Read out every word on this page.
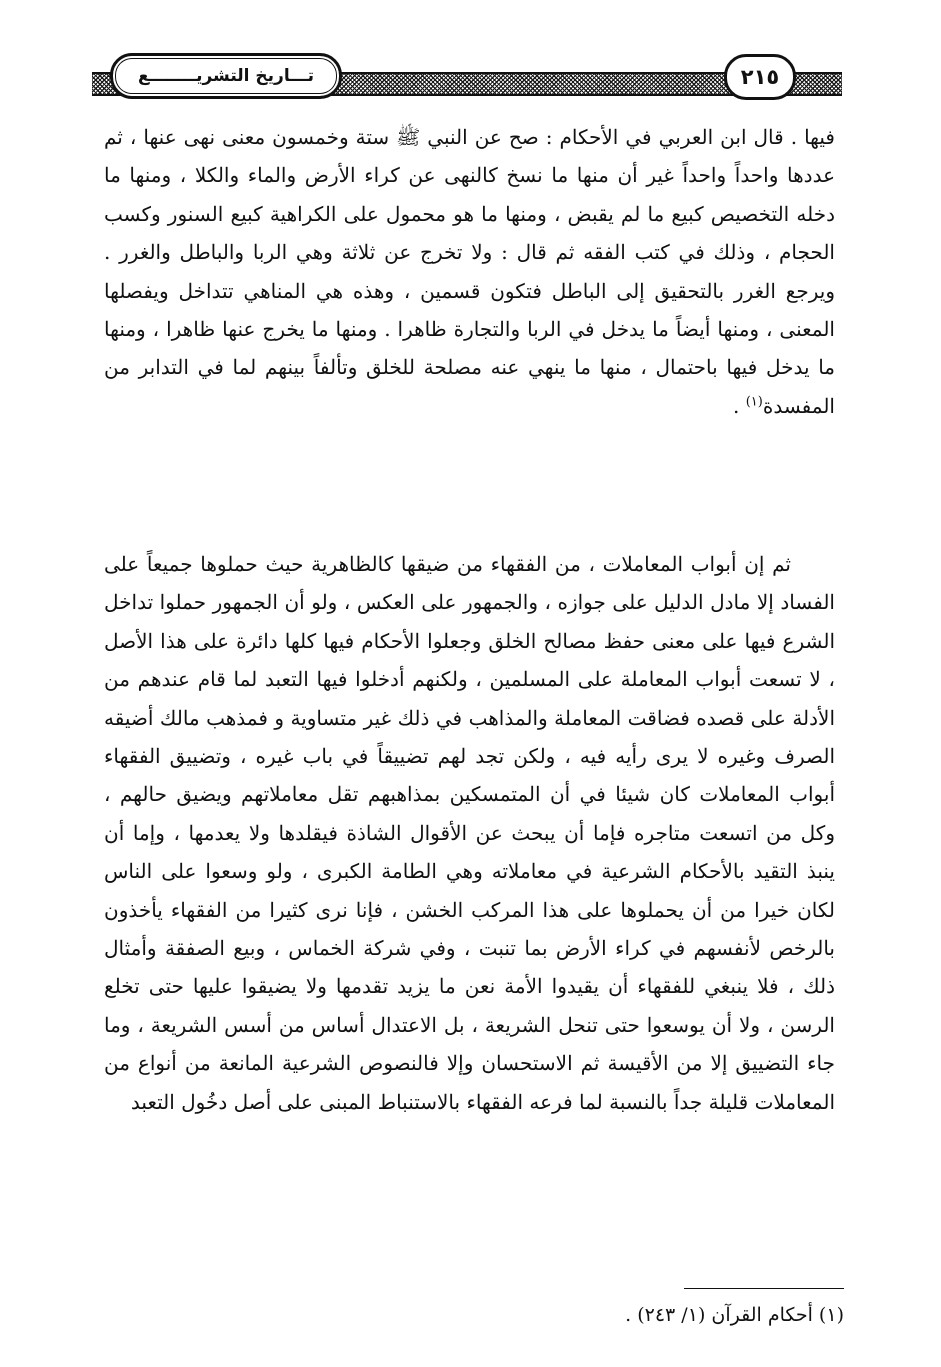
تـــاريخ التشريــــــــع	٢١٥

فيها . قال ابن العربي في الأحكام : صح عن النبي ﷺ ستة وخمسون معنى نهى عنها ، ثم عددها واحداً واحداً غير أن منها ما نسخ كالنهى عن كراء الأرض والماء والكلا ، ومنها ما دخله التخصيص كبيع ما لم يقبض ، ومنها ما هو محمول على الكراهية كبيع السنور وكسب الحجام ، وذلك في كتب الفقه ثم قال : ولا تخرج عن ثلاثة وهي الربا والباطل والغرر . ويرجع الغرر بالتحقيق إلى الباطل فتكون قسمين ، وهذه هي المناهي تتداخل ويفصلها المعنى ، ومنها أيضاً ما يدخل في الربا والتجارة ظاهرا . ومنها ما يخرج عنها ظاهرا ، ومنها ما يدخل فيها باحتمال ، منها ما ينهي عنه مصلحة للخلق وتألفاً بينهم لما في التدابر من المفسدة$^{(١)}$ .

ثم إن أبواب المعاملات ، من الفقهاء من ضيقها كالظاهرية حيث حملوها جميعاً على الفساد إلا مادل الدليل على جوازه ، والجمهور على العكس ، ولو أن الجمهور حملوا تداخل الشرع فيها على معنى حفظ مصالح الخلق وجعلوا الأحكام فيها كلها دائرة على هذا الأصل ، لا تسعت أبواب المعاملة على المسلمين ، ولكنهم أدخلوا فيها التعبد لما قام عندهم من الأدلة على قصده فضاقت المعاملة والمذاهب في ذلك غير متساوية و فمذهب مالك أضيقه الصرف وغيره لا يرى رأيه فيه ، ولكن تجد لهم تضييقاً في باب غيره ، وتضييق الفقهاء أبواب المعاملات كان شيئا في أن المتمسكين بمذاهبهم تقل معاملاتهم ويضيق حالهم ، وكل من اتسعت متاجره فإما أن يبحث عن الأقوال الشاذة فيقلدها ولا يعدمها ، وإما أن ينبذ التقيد بالأحكام الشرعية في معاملاته وهي الطامة الكبرى ، ولو وسعوا على الناس لكان خيرا من أن يحملوها على هذا المركب الخشن ، فإنا نرى كثيرا من الفقهاء يأخذون بالرخص لأنفسهم في كراء الأرض بما تنبت ، وفي شركة الخماس ، وبيع الصفقة وأمثال ذلك ، فلا ينبغي للفقهاء أن يقيدوا الأمة نعن ما يزيد تقدمها ولا يضيقوا عليها حتى تخلع الرسن ، ولا أن يوسعوا حتى تنحل الشريعة ، بل الاعتدال أساس من أسس الشريعة ، وما جاء التضييق إلا من الأقيسة ثم الاستحسان وإلا فالنصوص الشرعية المانعة من أنواع من المعاملات قليلة جداً بالنسبة لما فرعه الفقهاء بالاستنباط المبنى على أصل دخُول التعبد

(١) أحكام القرآن (١/ ٢٤٣) .
